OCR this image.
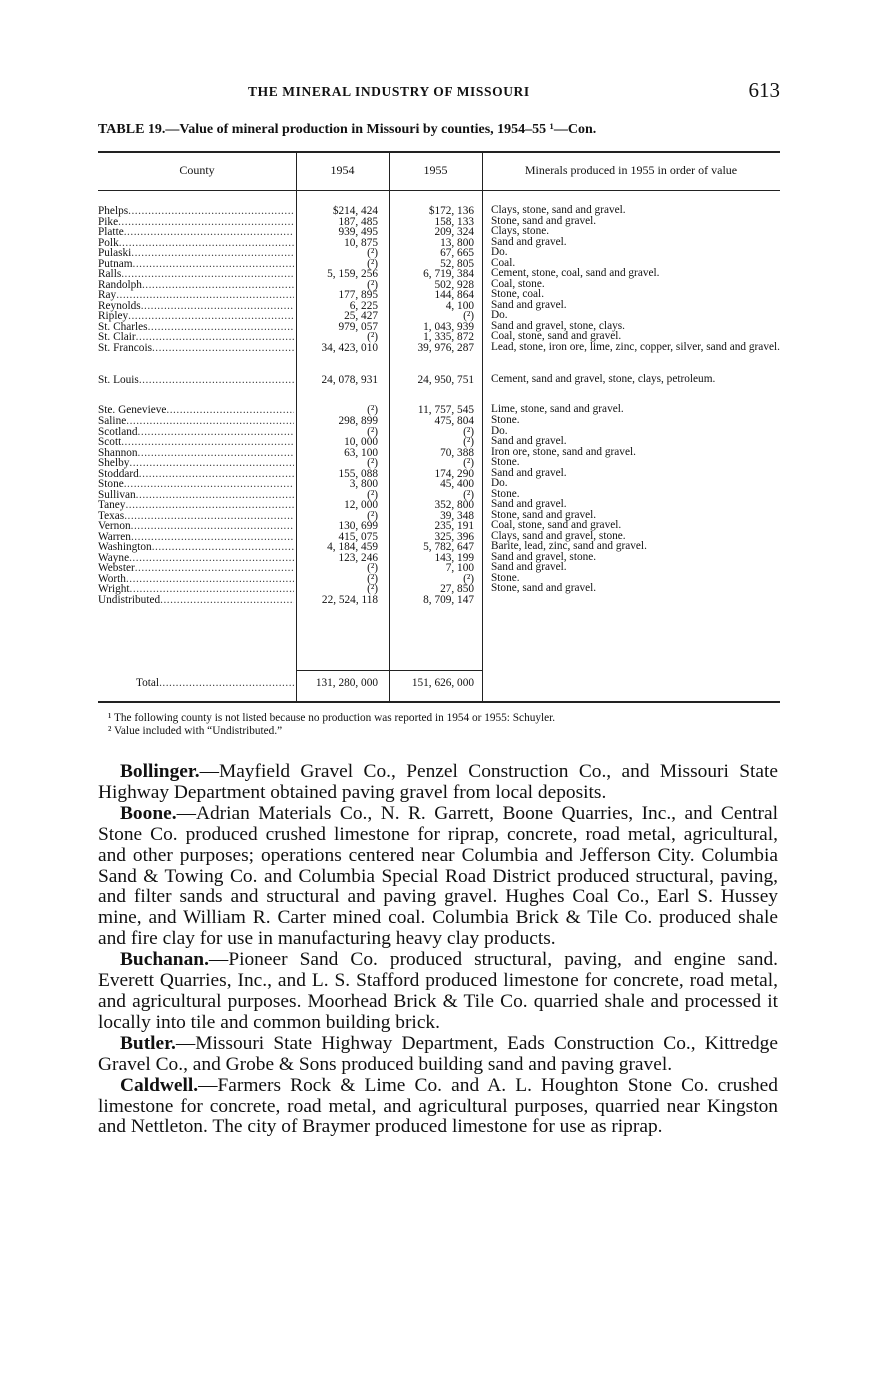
THE MINERAL INDUSTRY OF MISSOURI	613
TABLE 19.—Value of mineral production in Missouri by counties, 1954–55 ¹—Con.
County	1954	1955	Minerals produced in 1955 in order of value
Phelps .....	$214, 424	$172, 136 Clays, stone, sand and gravel.
Pike .....	187, 485	158, 133 Stone, sand and gravel.
Platte .....	939, 495	209, 324 Clays, stone.
Polk .....	10, 875	13, 800 Sand and gravel.
Pulaski .....	(²)	67, 665 Do.
Putnam .....	(²)	52, 805 Coal.
Ralls .....	5, 159, 256	6, 719, 384 Cement, stone, coal, sand and gravel.
Randolph .....	(²)	502, 928 Coal, stone.
Ray .....	177, 895	144, 864 Stone, coal.
Reynolds .....	6, 225	4, 100 Sand and gravel.
Ripley .....	25, 427	(²) Do.
St. Charles .....	979, 057	1, 043, 939 Sand and gravel, stone, clays.
St. Clair .....	(²)	1, 335, 872 Coal, stone, sand and gravel.
St. Francois .....	34, 423, 010	39, 976, 287 Lead, stone, iron ore, lime, zinc, copper, silver, sand and gravel.
St. Louis .....	24, 078, 931	24, 950, 751 Cement, sand and gravel, stone, clays, petroleum.
Ste. Genevieve .....	(²)	11, 757, 545 Lime, stone, sand and gravel.
Saline .....	298, 899	475, 804 Stone.
Scotland .....	(²)	(²) Do.
Scott .....	10, 000	(²) Sand and gravel.
Shannon .....	63, 100	70, 388 Iron ore, stone, sand and gravel.
Shelby .....	(²)	(²) Stone.
Stoddard .....	155, 088	174, 290 Sand and gravel.
Stone .....	3, 800	45, 400 Do.
Sullivan .....	(²)	(²) Stone.
Taney .....	12, 000	352, 800 Sand and gravel.
Texas .....	(²)	39, 348 Stone, sand and gravel.
Vernon .....	130, 699	235, 191 Coal, stone, sand and gravel.
Warren .....	415, 075	325, 396 Clays, sand and gravel, stone.
Washington .....	4, 184, 459	5, 782, 647 Barite, lead, zinc, sand and gravel.
Wayne .....	123, 246	143, 199 Sand and gravel, stone.
Webster .....	(²)	7, 100 Sand and gravel.
Worth .....	(²)	(²) Stone.
Wright .....	(²)	27, 850 Stone, sand and gravel.
Undistributed .....	22, 524, 118	8, 709, 147
Total .....	131, 280, 000	151, 626, 000
¹ The following county is not listed because no production was reported in 1954 or 1955: Schuyler.
² Value included with “Undistributed.”

Bollinger.—Mayfield Gravel Co., Penzel Construction Co., and Missouri State Highway Department obtained paving gravel from local deposits.

Boone.—Adrian Materials Co., N. R. Garrett, Boone Quarries, Inc., and Central Stone Co. produced crushed limestone for riprap, concrete, road metal, agricultural, and other purposes; operations centered near Columbia and Jefferson City. Columbia Sand & Towing Co. and Columbia Special Road District produced structural, paving, and filter sands and structural and paving gravel. Hughes Coal Co., Earl S. Hussey mine, and William R. Carter mined coal. Columbia Brick & Tile Co. produced shale and fire clay for use in manufacturing heavy clay products.

Buchanan.—Pioneer Sand Co. produced structural, paving, and engine sand. Everett Quarries, Inc., and L. S. Stafford produced limestone for concrete, road metal, and agricultural purposes. Moorhead Brick & Tile Co. quarried shale and processed it locally into tile and common building brick.

Butler.—Missouri State Highway Department, Eads Construction Co., Kittredge Gravel Co., and Grobe & Sons produced building sand and paving gravel.

Caldwell.—Farmers Rock & Lime Co. and A. L. Houghton Stone Co. crushed limestone for concrete, road metal, and agricultural purposes, quarried near Kingston and Nettleton. The city of Braymer produced limestone for use as riprap.
